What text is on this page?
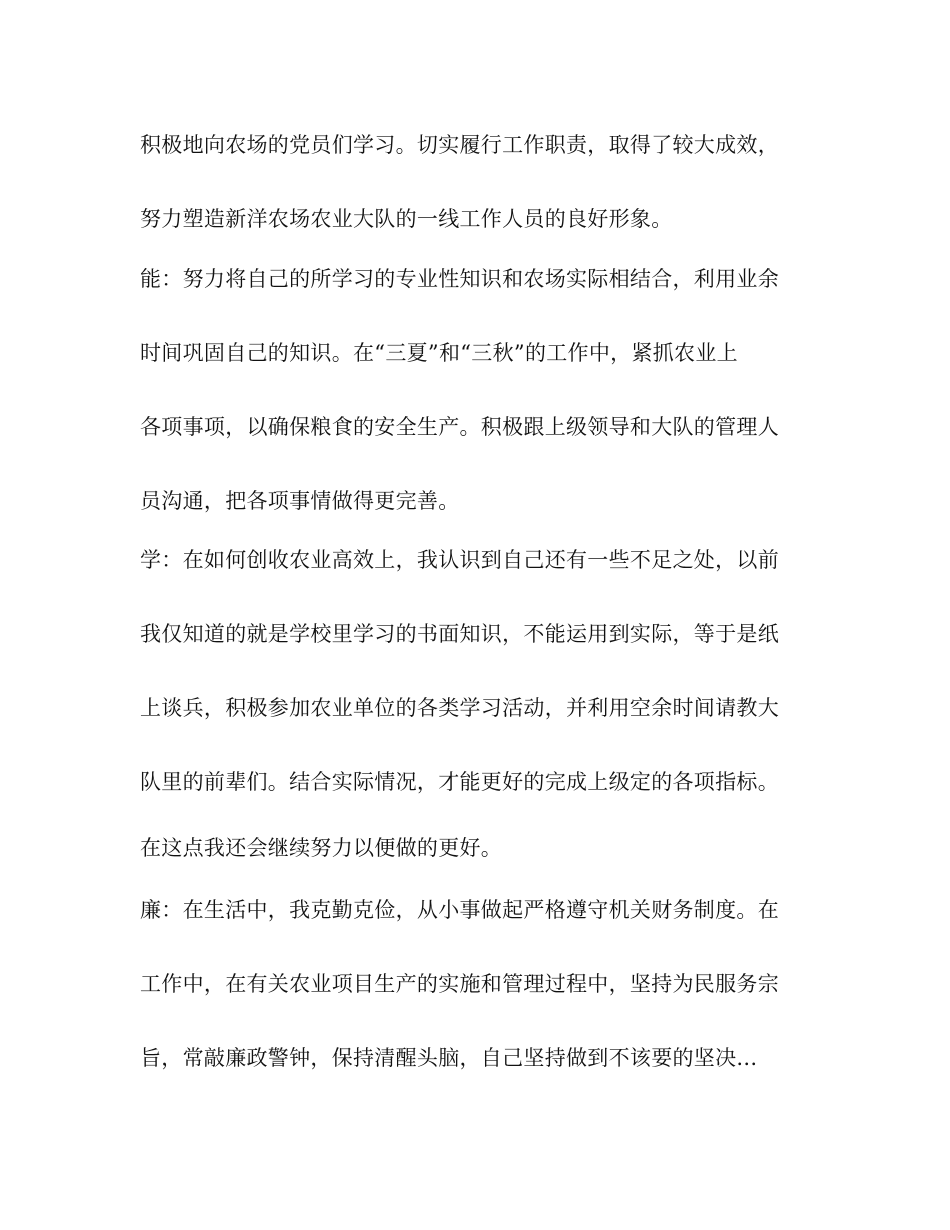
积极地向农场的党员们学习。切实履行工作职责，取得了较大成效，
努力塑造新洋农场农业大队的一线工作人员的良好形象。
能：努力将自己的所学习的专业性知识和农场实际相结合，利用业余
时间巩固自己的知识。在“三夏”和“三秋”的工作中，紧抓农业上
各项事项，以确保粮食的安全生产。积极跟上级领导和大队的管理人
员沟通，把各项事情做得更完善。
学：在如何创收农业高效上，我认识到自己还有一些不足之处，以前
我仅知道的就是学校里学习的书面知识，不能运用到实际，等于是纸
上谈兵，积极参加农业单位的各类学习活动，并利用空余时间请教大
队里的前辈们。结合实际情况，才能更好的完成上级定的各项指标。
在这点我还会继续努力以便做的更好。
廉：在生活中，我克勤克俭，从小事做起严格遵守机关财务制度。在
工作中，在有关农业项目生产的实施和管理过程中，坚持为民服务宗
旨，常敲廉政警钟，保持清醒头脑，自己坚持做到不该要的坚决...
